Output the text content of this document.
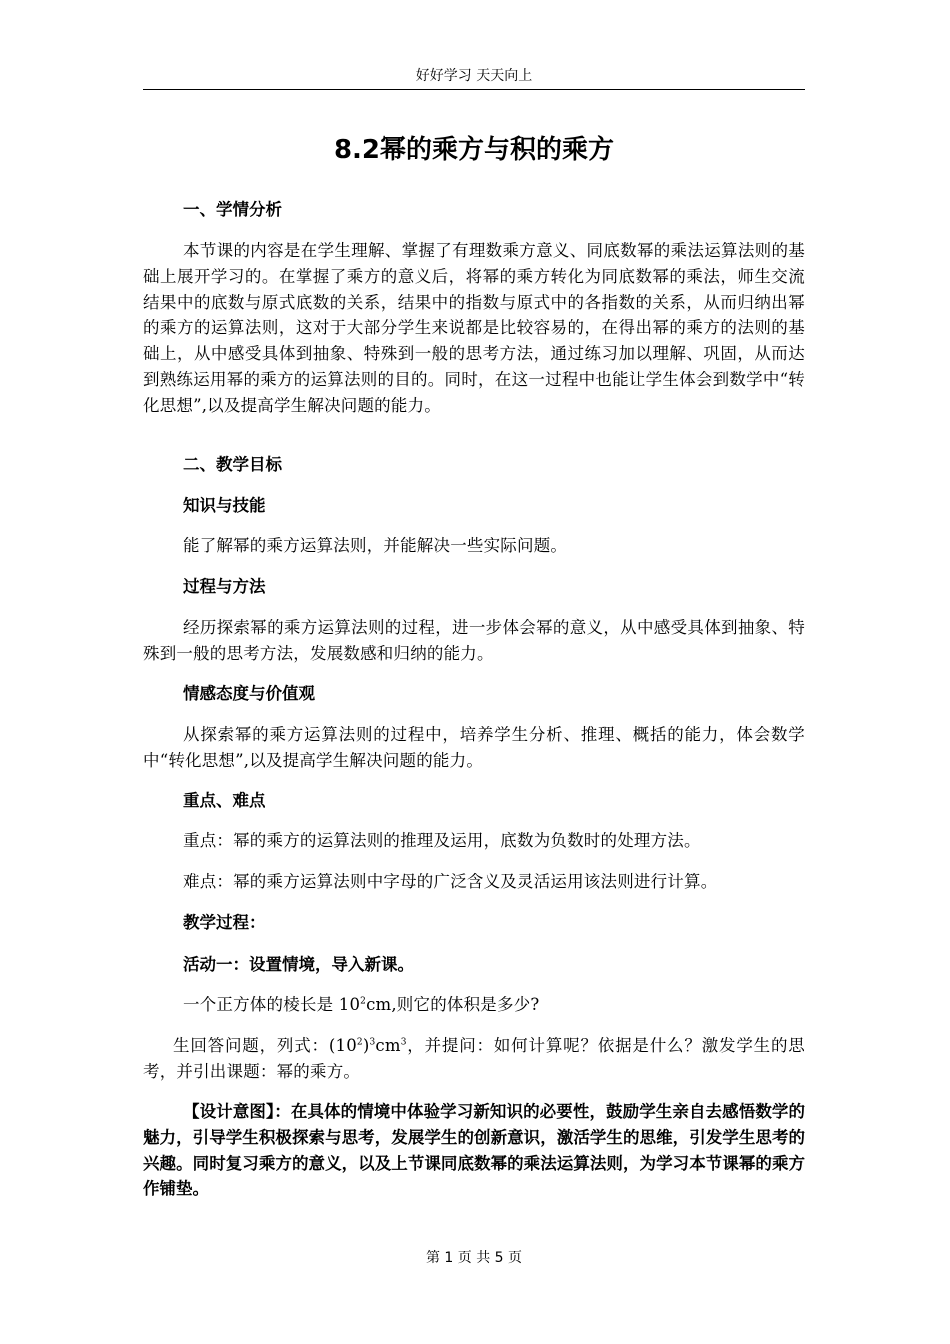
好好学习 天天向上
8.2幂的乘方与积的乘方
一、学情分析
本节课的内容是在学生理解、掌握了有理数乘方意义、同底数幂的乘法运算法则的基础上展开学习的。在掌握了乘方的意义后，将幂的乘方转化为同底数幂的乘法，师生交流结果中的底数与原式底数的关系，结果中的指数与原式中的各指数的关系，从而归纳出幂的乘方的运算法则，这对于大部分学生来说都是比较容易的，在得出幂的乘方的法则的基础上，从中感受具体到抽象、特殊到一般的思考方法，通过练习加以理解、巩固，从而达到熟练运用幂的乘方的运算法则的目的。同时，在这一过程中也能让学生体会到数学中“转化思想”,以及提高学生解决问题的能力。
二、教学目标
知识与技能
能了解幂的乘方运算法则，并能解决一些实际问题。
过程与方法
经历探索幂的乘方运算法则的过程，进一步体会幂的意义，从中感受具体到抽象、特殊到一般的思考方法，发展数感和归纳的能力。
情感态度与价值观
从探索幂的乘方运算法则的过程中，培养学生分析、推理、概括的能力，体会数学中“转化思想”,以及提高学生解决问题的能力。
重点、难点
重点：幂的乘方的运算法则的推理及运用，底数为负数时的处理方法。
难点：幂的乘方运算法则中字母的广泛含义及灵活运用该法则进行计算。
教学过程：
活动一：设置情境，导入新课。
一个正方体的棱长是 $10^2cm$,则它的体积是多少?
生回答问题，列式：$(10^2)^3cm^3$，并提问：如何计算呢？依据是什么？激发学生的思考，并引出课题：幂的乘方。
【设计意图】：在具体的情境中体验学习新知识的必要性，鼓励学生亲自去感悟数学的魅力，引导学生积极探索与思考，发展学生的创新意识，激活学生的思维，引发学生思考的兴趣。同时复习乘方的意义，以及上节课同底数幂的乘法运算法则，为学习本节课幂的乘方作铺垫。
第 1 页 共 5 页
